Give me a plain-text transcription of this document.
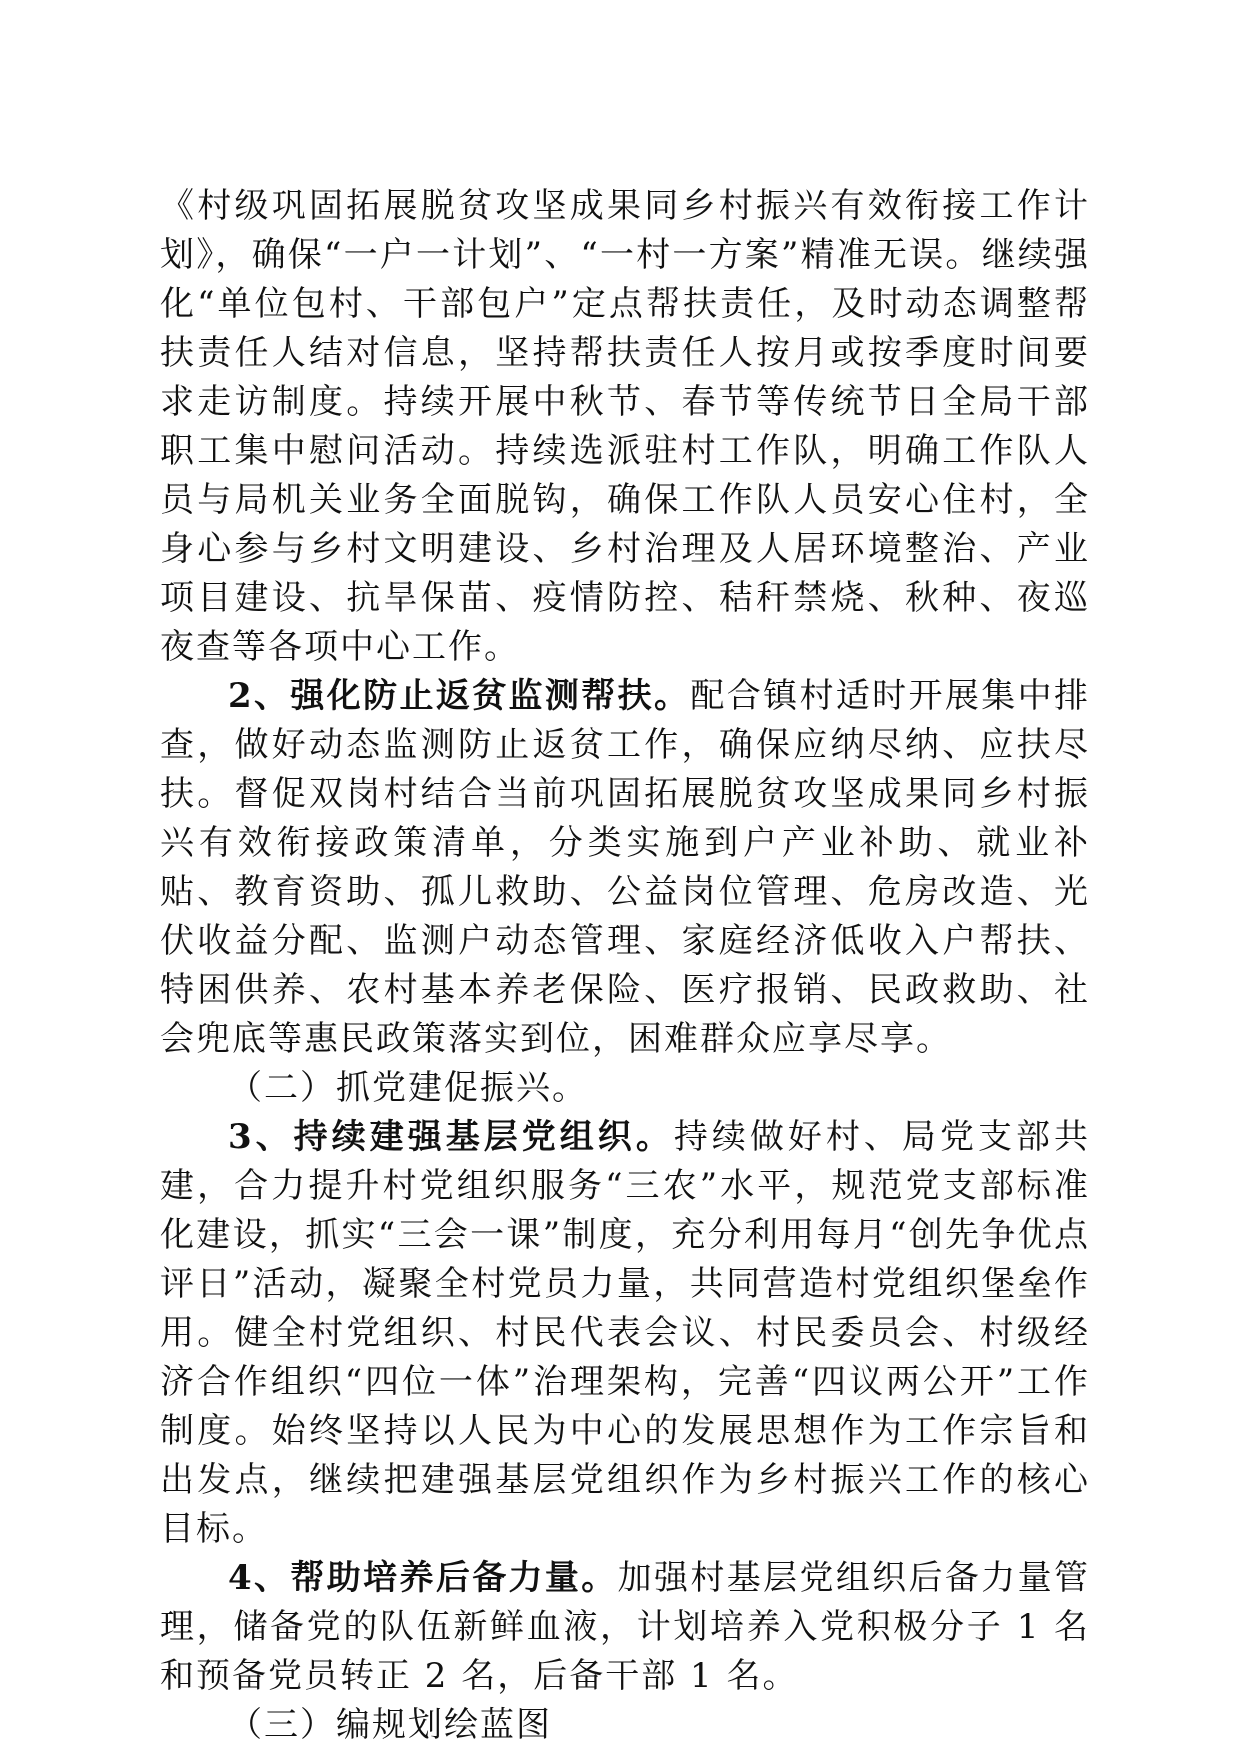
《村级巩固拓展脱贫攻坚成果同乡村振兴有效衔接工作计划》，确保“一户一计划”、“一村一方案”精准无误。继续强化“单位包村、干部包户”定点帮扶责任，及时动态调整帮扶责任人结对信息，坚持帮扶责任人按月或按季度时间要求走访制度。持续开展中秋节、春节等传统节日全局干部职工集中慰问活动。持续选派驻村工作队，明确工作队人员与局机关业务全面脱钩，确保工作队人员安心住村，全身心参与乡村文明建设、乡村治理及人居环境整治、产业项目建设、抗旱保苗、疫情防控、秸秆禁烧、秋种、夜巡夜查等各项中心工作。

2、强化防止返贫监测帮扶。配合镇村适时开展集中排查，做好动态监测防止返贫工作，确保应纳尽纳、应扶尽扶。督促双岗村结合当前巩固拓展脱贫攻坚成果同乡村振兴有效衔接政策清单，分类实施到户产业补助、就业补贴、教育资助、孤儿救助、公益岗位管理、危房改造、光伏收益分配、监测户动态管理、家庭经济低收入户帮扶、特困供养、农村基本养老保险、医疗报销、民政救助、社会兜底等惠民政策落实到位，困难群众应享尽享。

（二）抓党建促振兴。

3、持续建强基层党组织。持续做好村、局党支部共建，合力提升村党组织服务“三农”水平，规范党支部标准化建设，抓实“三会一课”制度，充分利用每月“创先争优点评日”活动，凝聚全村党员力量，共同营造村党组织堡垒作用。健全村党组织、村民代表会议、村民委员会、村级经济合作组织“四位一体”治理架构，完善“四议两公开”工作制度。始终坚持以人民为中心的发展思想作为工作宗旨和出发点，继续把建强基层党组织作为乡村振兴工作的核心目标。

4、帮助培养后备力量。加强村基层党组织后备力量管理，储备党的队伍新鲜血液，计划培养入党积极分子 1 名和预备党员转正 2 名，后备干部 1 名。

（三）编规划绘蓝图
